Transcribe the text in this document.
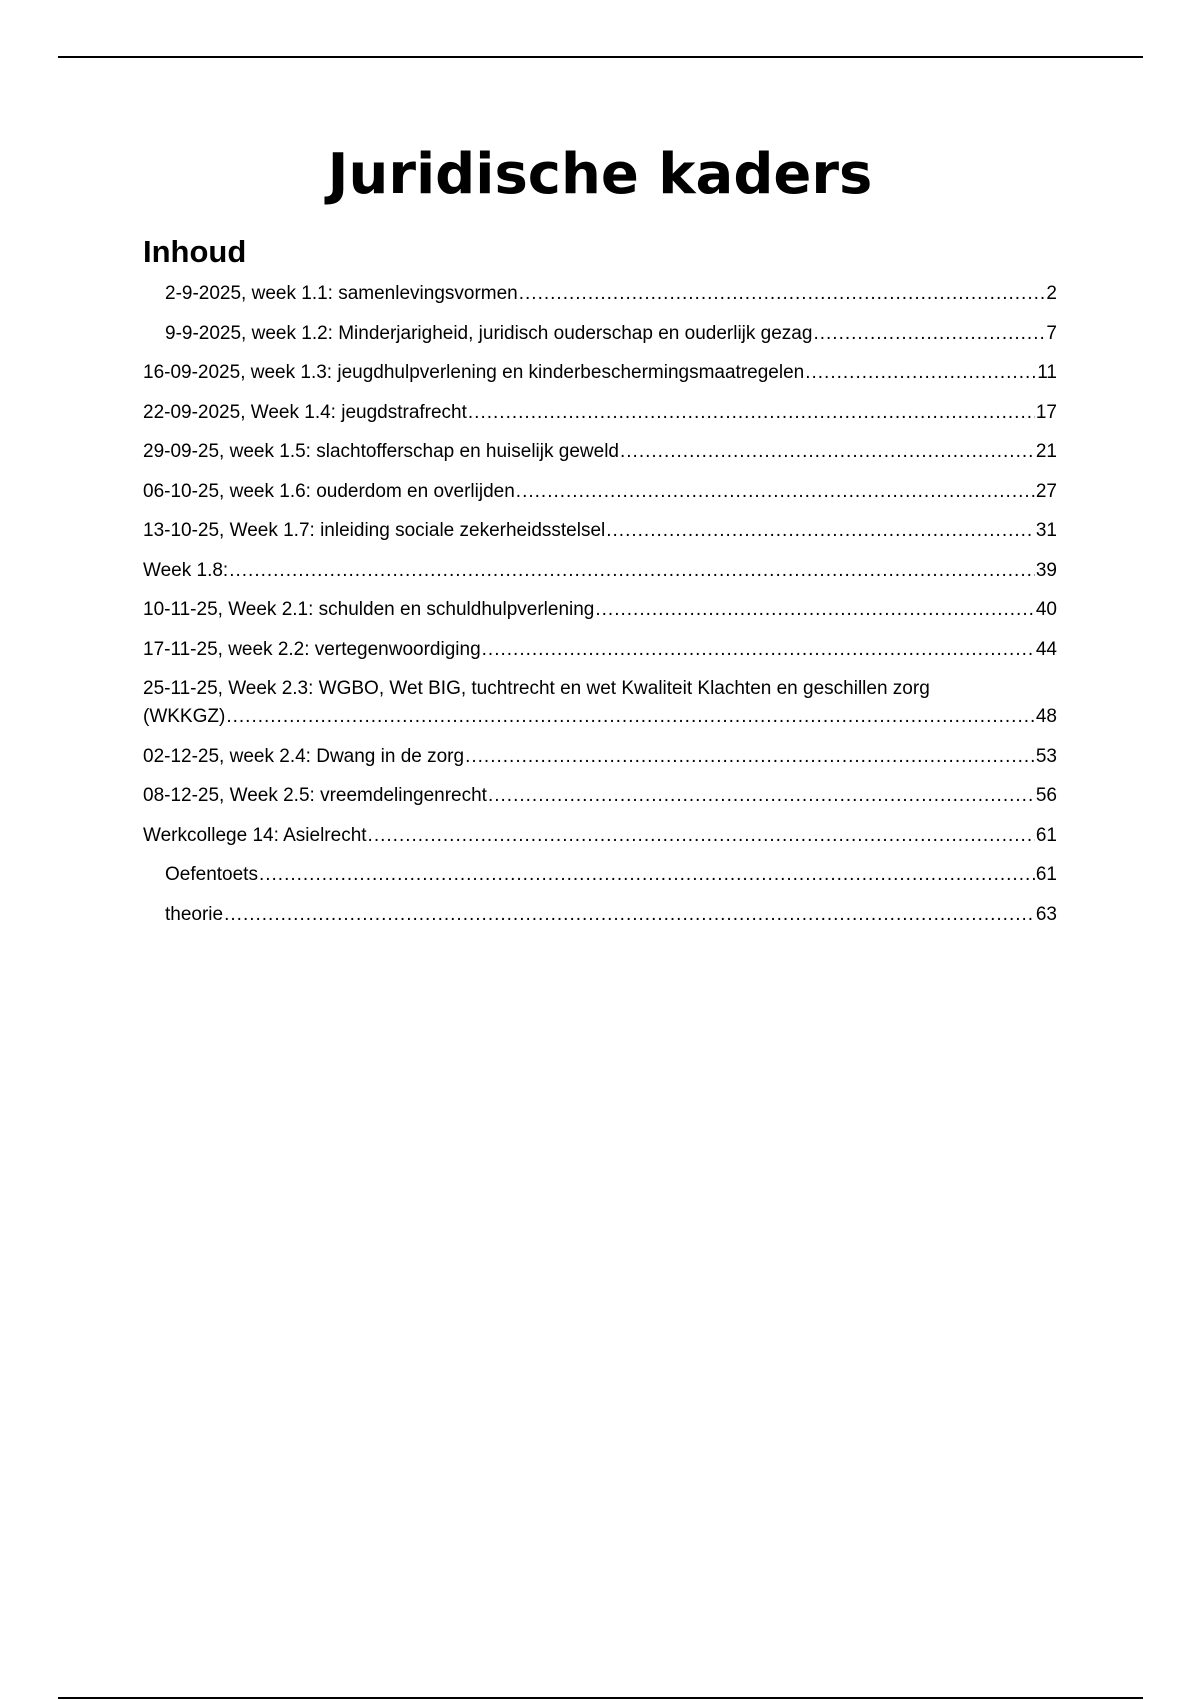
Juridische kaders
Inhoud
2-9-2025, week 1.1: samenlevingsvormen .....	2
9-9-2025, week 1.2: Minderjarigheid, juridisch ouderschap en ouderlijk gezag .....	7
16-09-2025, week 1.3: jeugdhulpverlening en kinderbeschermingsmaatregelen .....	11
22-09-2025, Week 1.4: jeugdstrafrecht .....	17
29-09-25, week 1.5: slachtofferschap en huiselijk geweld .....	21
06-10-25, week 1.6: ouderdom en overlijden .....	27
13-10-25, Week 1.7: inleiding sociale zekerheidsstelsel .....	31
Week 1.8: .....	39
10-11-25, Week 2.1: schulden en schuldhulpverlening .....	40
17-11-25, week 2.2: vertegenwoordiging .....	44
25-11-25, Week 2.3: WGBO, Wet BIG, tuchtrecht en wet Kwaliteit Klachten en geschillen zorg
(WKKGZ) .....	48
02-12-25, week 2.4: Dwang in de zorg .....	53
08-12-25, Week 2.5: vreemdelingenrecht .....	56
Werkcollege 14: Asielrecht .....	61
Oefentoets .....	61
theorie .....	63
